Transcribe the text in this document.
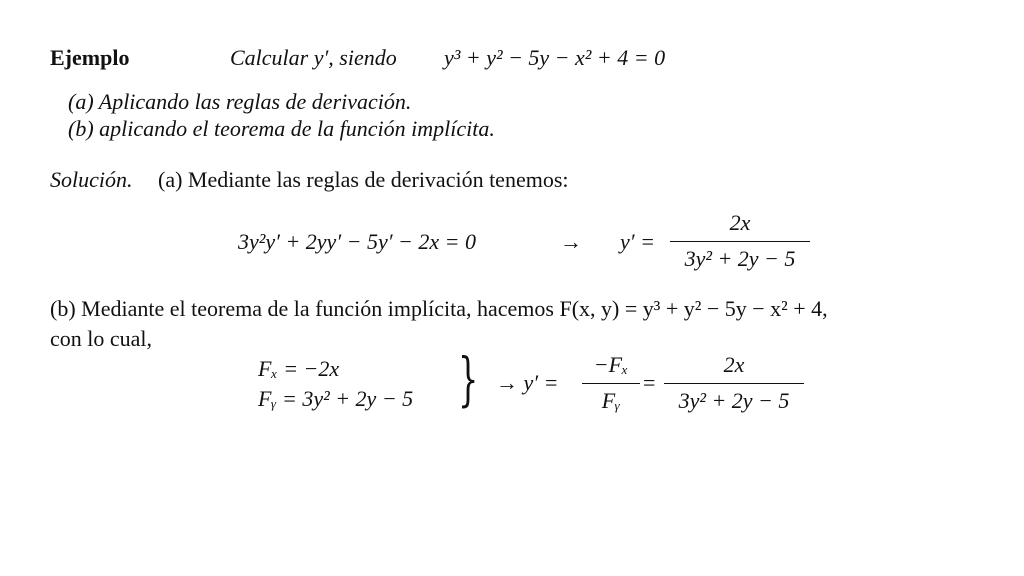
Ejemplo	Calcular y′, siendo y³ + y² − 5y − x² + 4 = 0
(a) Aplicando las reglas de derivación.
(b) aplicando el teorema de la función implícita.
Solución. (a) Mediante las reglas de derivación tenemos:
3y²y′ + 2yy′ − 5y′ − 2x = 0	→ y′ =
2x
3y² + 2y − 5
(b) Mediante el teorema de la función implícita, hacemos F(x, y) = y³ + y² − 5y − x² + 4,
con lo cual,
Fₓ = −2x
Fᵧ = 3y² + 2y − 5 } → y′ =
−Fₓ
Fᵧ
=
2x
3y² + 2y − 5
